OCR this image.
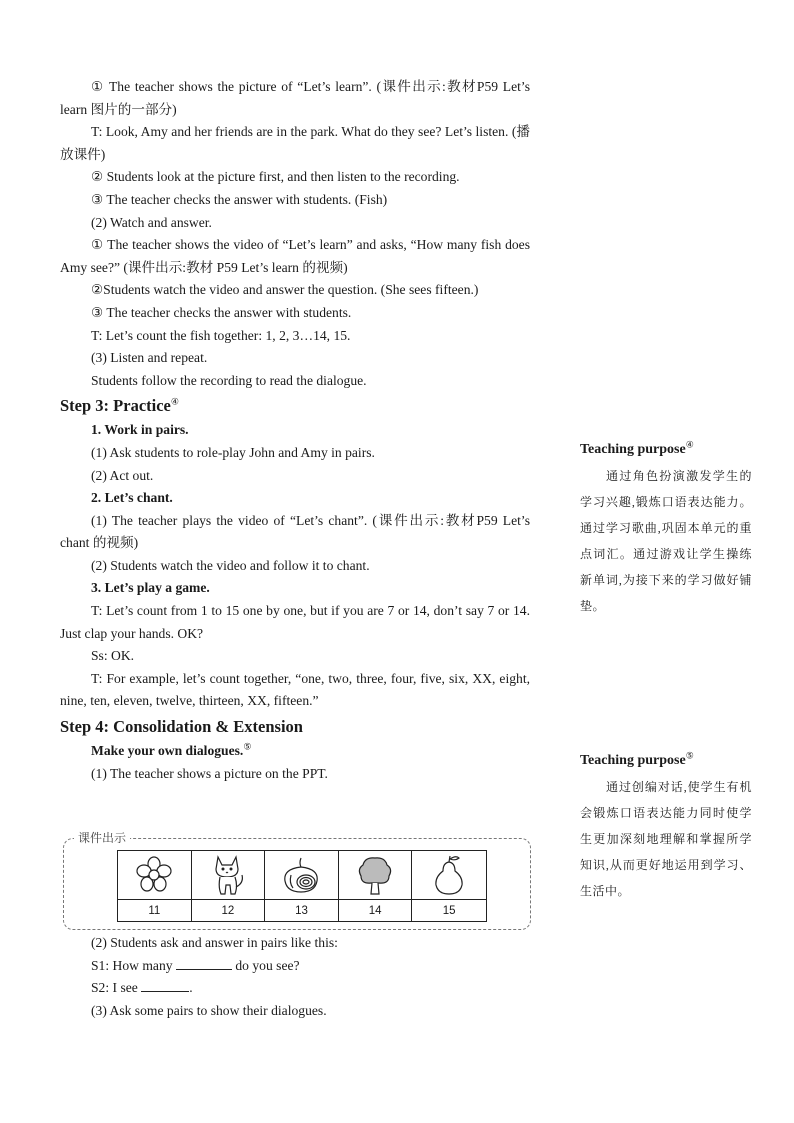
① The teacher shows the picture of “Let’s learn”. (课件出示:教材P59 Let’s learn 图片的一部分)

T: Look, Amy and her friends are in the park. What do they see? Let’s listen. (播放课件)

② Students look at the picture first, and then listen to the recording.

③ The teacher checks the answer with students. (Fish)

(2) Watch and answer.

① The teacher shows the video of “Let’s learn” and asks, “How many fish does Amy see?” (课件出示:教材 P59 Let’s learn 的视频)

②Students watch the video and answer the question. (She sees fifteen.)

③ The teacher checks the answer with students.

T: Let’s count the fish together: 1, 2, 3…14, 15.

(3) Listen and repeat.

Students follow the recording to read the dialogue.

Step 3: Practice④

1. Work in pairs.

(1) Ask students to role-play John and Amy in pairs.

(2) Act out.

2. Let’s chant.

(1) The teacher plays the video of “Let’s chant”. (课件出示:教材P59 Let’s chant 的视频)

(2) Students watch the video and follow it to chant.

3. Let’s play a game.

T: Let’s count from 1 to 15 one by one, but if you are 7 or 14, don’t say 7 or 14. Just clap your hands. OK?

Ss: OK.

T: For example, let’s count together, “one, two, three, four, five, six, XX, eight, nine, ten, eleven, twelve, thirteen, XX, fifteen.”

Step 4: Consolidation & Extension

Make your own dialogues.⑤

(1) The teacher shows a picture on the PPT.

课件出示
11	12	13	14	15

(2) Students ask and answer in pairs like this:

S1: How many	do you see?

S2: I see	.

(3) Ask some pairs to show their dialogues.

Teaching purpose④

通过角色扮演激发学生的学习兴趣,锻炼口语表达能力。通过学习歌曲,巩固本单元的重点词汇。通过游戏让学生操练新单词,为接下来的学习做好铺垫。

Teaching purpose⑤

通过创编对话,使学生有机会锻炼口语表达能力同时使学生更加深刻地理解和掌握所学知识,从而更好地运用到学习、生活中。
